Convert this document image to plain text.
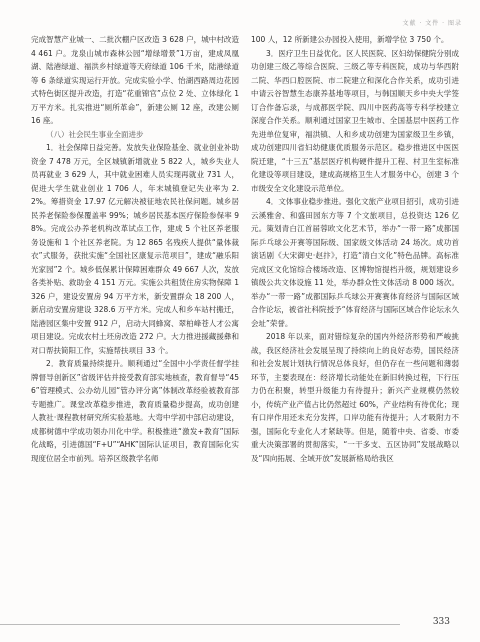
文献 · 文件 · 图录

完成智慧产业城一、二批次棚户区改造 3 628 户，城中村改造 4 461 户。龙泉山城市森林公园“增绿增景”1万亩，建成凤凰湖、陆港绿道、福洪乡村绿道等天府绿道 106 千米，陆港绿道等 6 条绿道实现运行开放。完成实验小学、怡湖西路周边花园式特色街区提升改造，打造“花重锦官”点位 2 处、立体绿化 1 万平方米。扎实推进“厕所革命”，新建公厕 12 座，改建公厕 16 座。

（八）社会民生事业全面进步

1．社会保障日益完善。发放失业保险基金、就业创业补助资金 7 478 万元，全区城镇新增就业 5 822 人，城乡失业人员再就业 3 629 人，其中就业困难人员实现再就业 731 人，促进大学生就业创业 1 706 人，年末城镇登记失业率为 2.2%。筹措资金 17.97 亿元解决被征地农民社保问题。城乡居民养老保险参保覆盖率 99%；城乡居民基本医疗保险参保率 98%。完成公办养老机构改革试点工作，建成 5 个社区养老服务设施和 1 个社区养老院。为 12 865 名残疾人提供“量体裁衣”式服务，获批实施“全国社区康复示范项目”，建成“融乐阳光家园”2 个。城乡低保累计保障困难群众 49 667 人次，发放各类补贴、救助金 4 151 万元。实施公共租赁住房实物保障 1 326 户，建设安置房 94 万平方米，新安置群众 18 200 人，新启动安置房建设 328.6 万平方米。完成人和乡车站村搬迁，陆港园区集中安置 912 户，启动大同蜂窝、翠柏峰苍人才公寓项目建设。完成农村土坯房改造 272 户。大力推进援藏援彝和对口帮扶简阳工作，实施帮扶项目 33 个。

2．教育质量持续提升。顺利通过“全国中小学责任督学挂牌督导创新区”省级评估并接受教育部实地核查，教育督导“456”管理模式、公办幼儿园“管办评分离”体制改革经验被教育部专题推广。课堂改革稳步推进，教育质量稳步提高，成功创建人教社·课程教材研究所实验基地。大弯中学初中部启动建设，成都树德中学成功领办川化中学。积极推进“激发+教育”国际化战略，引进德国“F+U”“AHK”国际认证项目，教育国际化实现度位居全市前列。培养区级教学名师

100 人，12 所新建公办园投入使用，新增学位 3 750 个。

3．医疗卫生日益优化。区人民医院、区妇幼保健院分别成功创建三级乙等综合医院、三级乙等专科医院，成功与华西附二院、华西口腔医院、市二院建立和深化合作关系，成功引进中请云谷智慧生态康养基地等项目，与韩国顺天乡中央大学签订合作备忘录，与成都医学院、四川中医药高等专科学校建立深度合作关系。顺利通过国家卫生城市、全国基层中医药工作先进单位复审，福洪镇、人和乡成功创建为国家级卫生乡镇，成功创建四川省妇幼健康优质服务示范区。稳步推进区中医医院迁建，“十三五”基层医疗机构硬件提升工程、村卫生室标准化建设等项目建设，建成高规格卫生人才服务中心，创建 3 个市级安全文化建设示范单位。

4．文体事业稳步推进。强化文旅产业项目招引，成功引进云溪雅舍、和盛田园东方等 7 个文旅项目，总投资达 126 亿元。策划青白江首届蓉欧文化艺术节，举办“一带一路”成都国际乒乓球公开赛等国际级、国家级文体活动 24 场次。成功首演话剧《大宋御史·赵抃》，打造“清白文化”特色品牌。高标准完成区文化馆综合楼场改造、区博物馆提档升级，规划建设乡镇级公共文体设施 11 处，举办群众性文体活动 8 000 场次。举办“一带一路”成都国际乒乓球公开赛赛体育经济与国际区域合作论坛，被省社科院授予“体育经济与国际区域合作论坛永久会址”荣誉。

2018 年以来，面对错综复杂的国内外经济形势和严峻挑战，我区经济社会发展呈现了持续向上的良好态势，国民经济和社会发展计划执行情况总体良好，但仍存在一些问题和薄弱环节，主要表现在：经济增长动能处在新旧转换过程，下行压力仍在积聚，转型升级能力有待提升；新兴产业规模仍然较小，传统产业产值占比仍然超过 60%，产业结构有待优化；现有口岸作用还未充分发挥，口岸功能有待提升；人才吸附力不强，国际化专业化人才紧缺等。但是，随着中央、省委、市委重大决策部署的贯彻落实，“一干多支、五区协同”发展战略以及“四向拓展、全域开放”发展新格局给我区

333
